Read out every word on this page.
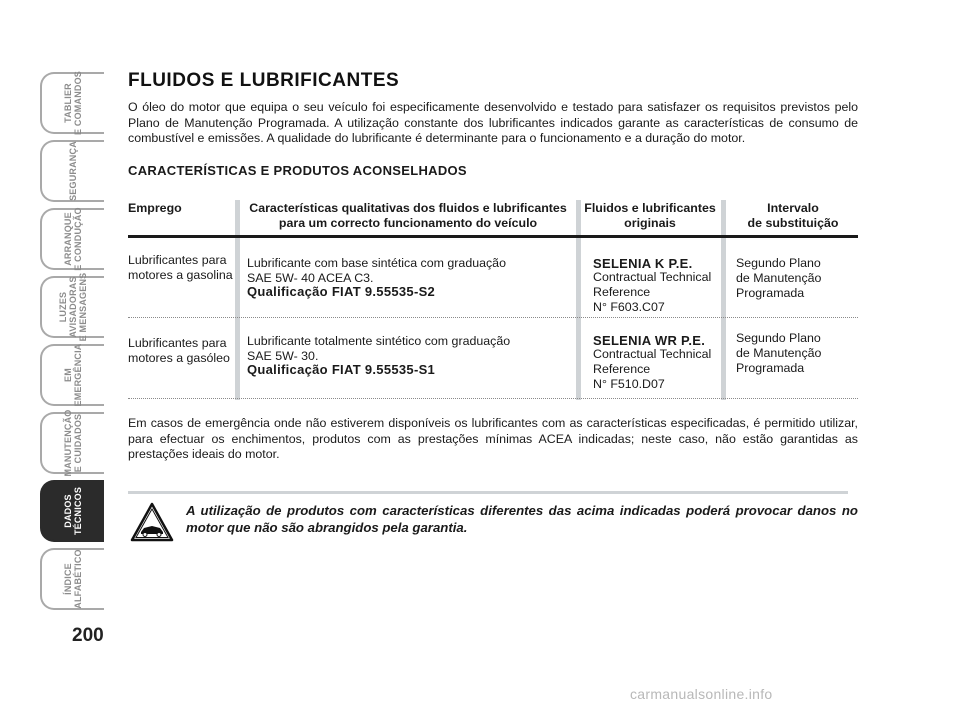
TABLIER
E COMANDOS
SEGURANÇA
ARRANQUE
E CONDUÇÃO
LUZES
AVISADORAS
E MENSAGENS
EM
EMERGÊNCIA
MANUTENÇÃO
E CUIDADOS
DADOS
TÉCNICOS
ÍNDICE
ALFABÉTICO
200
FLUIDOS E LUBRIFICANTES

O óleo do motor que equipa o seu veículo foi especificamente desenvolvido e testado para satisfazer os requisitos previstos pelo Plano de Manutenção Programada. A utilização constante dos lubrificantes indicados garante as características de consumo de combustível e emissões. A qualidade do lubrificante é determinante para o funcionamento e a duração do motor.

CARACTERÍSTICAS E PRODUTOS ACONSELHADOS
Emprego	Características qualitativas dos fluidos e lubrificantes
para um correcto funcionamento do veículo
Fluidos e lubrificantes
originais
Intervalo
de substituição
Lubrificantes para
motores a gasolina
Lubrificante com base sintética com graduação
SAE 5W- 40 ACEA C3.
Qualificação FIAT 9.55535-S2
SELENIA K P.E.
Contractual Technical
Reference
N° F603.C07
Segundo Plano
de Manutenção
Programada
Lubrificantes para
motores a gasóleo
Lubrificante totalmente sintético com graduação
SAE 5W- 30.
Qualificação FIAT 9.55535-S1
SELENIA WR P.E.
Contractual Technical
Reference
N° F510.D07
Segundo Plano
de Manutenção
Programada

Em casos de emergência onde não estiverem disponíveis os lubrificantes com as características especificadas, é permitido utilizar, para efectuar os enchimentos, produtos com as prestações mínimas ACEA indicadas; neste caso, não estão garantidas as prestações ideais do motor.

A utilização de produtos com características diferentes das acima indicadas poderá provocar danos no motor que não são abrangidos pela garantia.

carmanualsonline.info
